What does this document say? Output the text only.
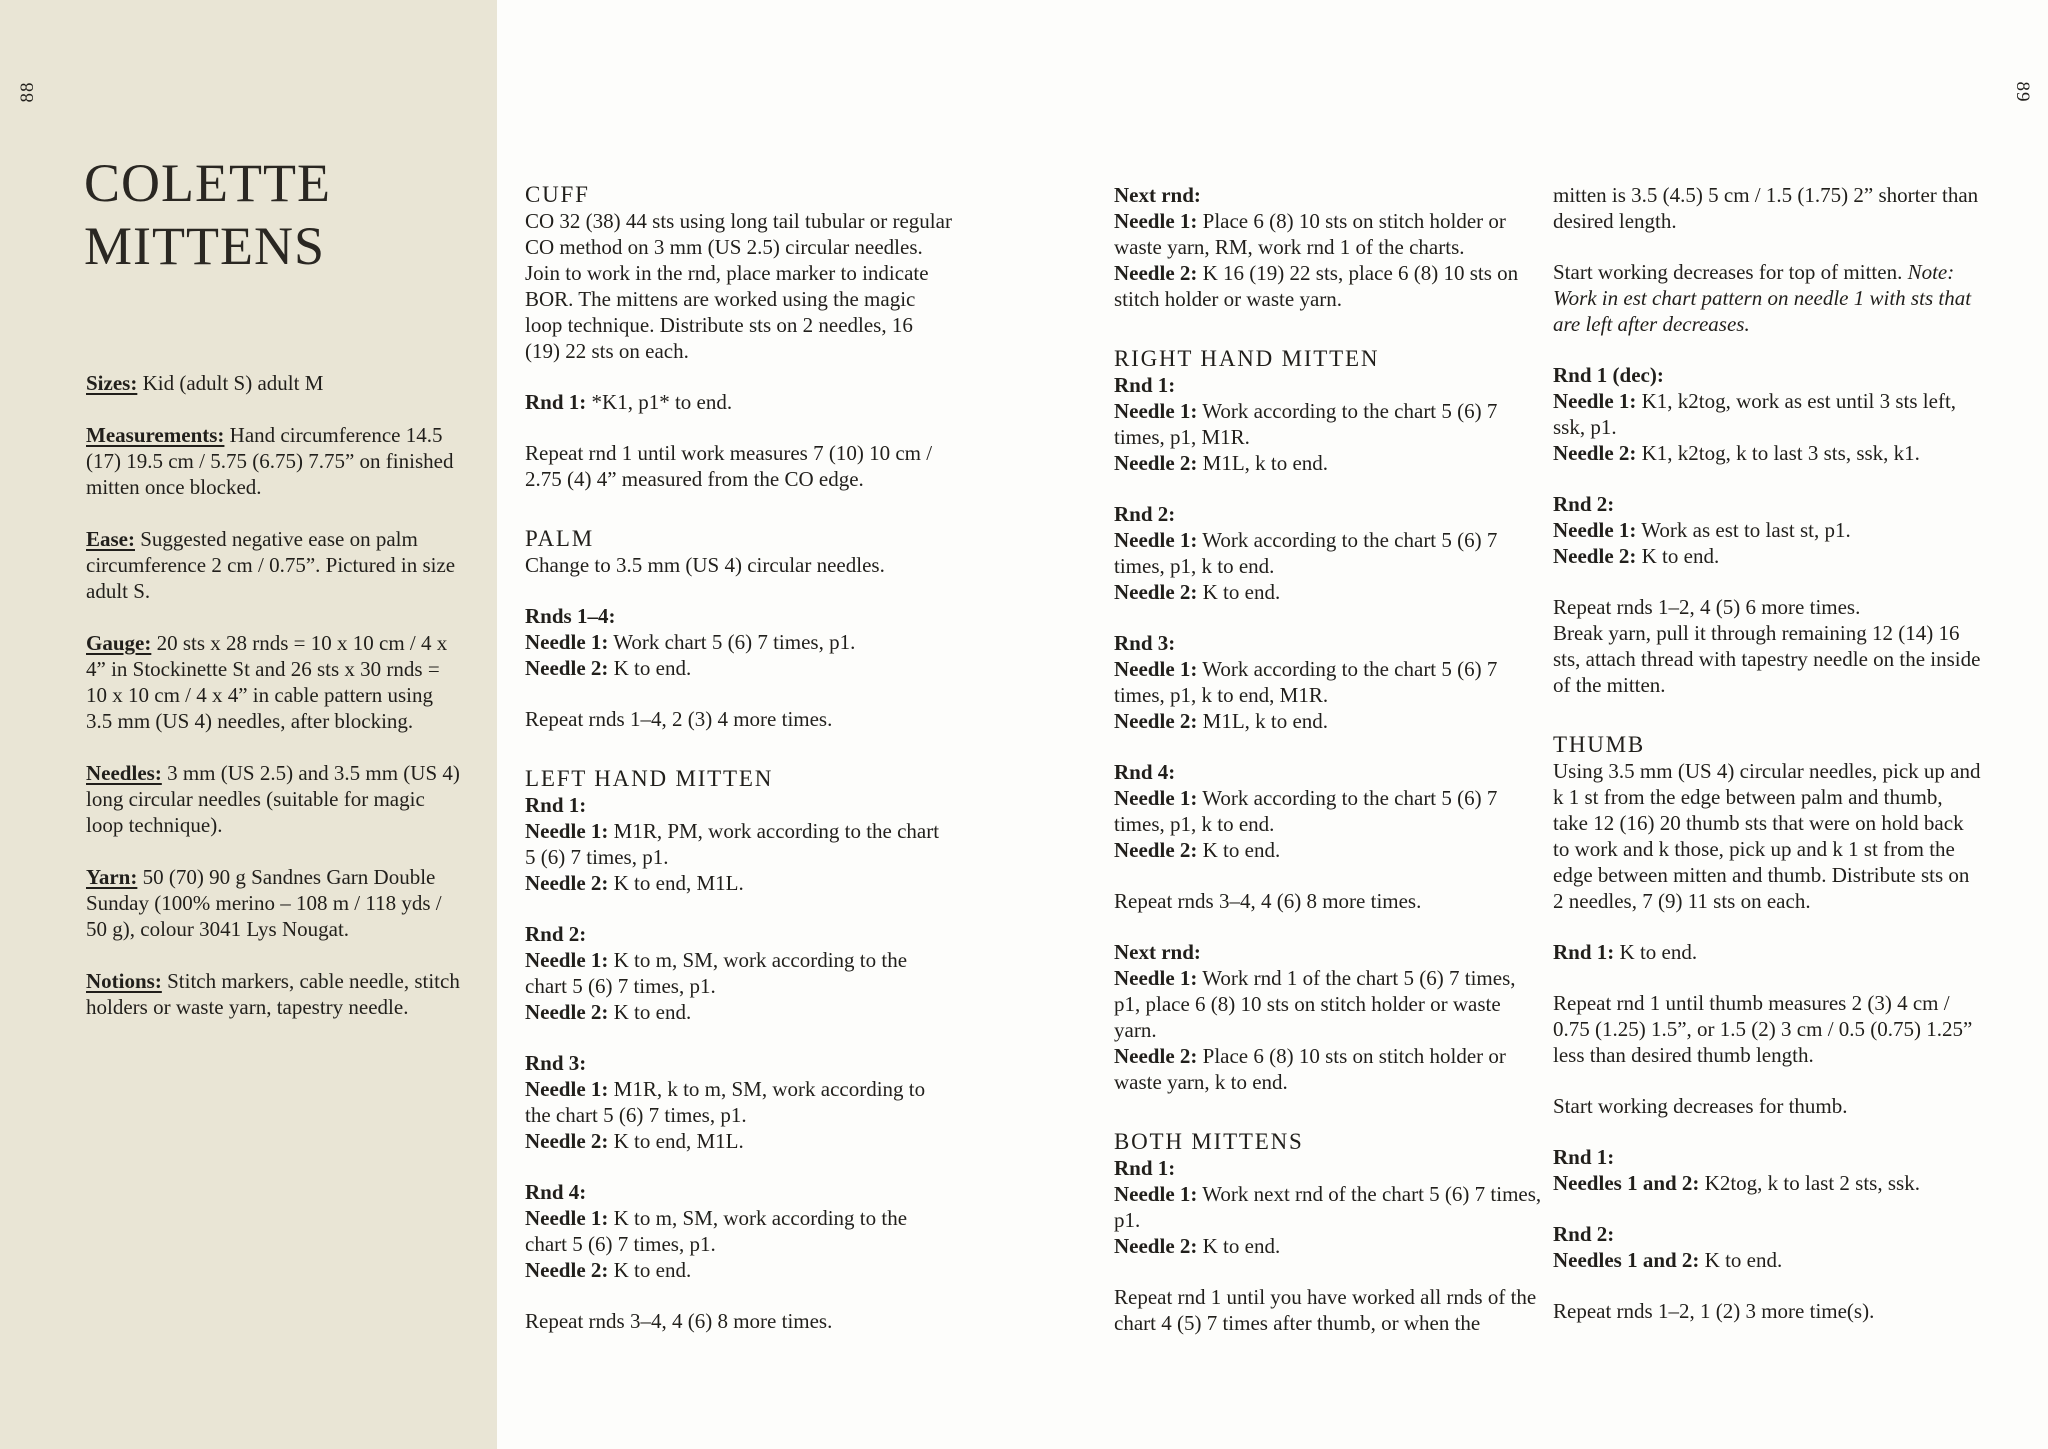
COLETTE
MITTENS

Sizes: Kid (adult S) adult M

Measurements: Hand circumference 14.5 (17) 19.5 cm / 5.75 (6.75) 7.75” on finished mitten once blocked.

Ease: Suggested negative ease on palm circumference 2 cm / 0.75”. Pictured in size adult S.

Gauge: 20 sts x 28 rnds = 10 x 10 cm / 4 x 4” in Stockinette St and 26 sts x 30 rnds = 10 x 10 cm / 4 x 4” in cable pattern using 3.5 mm (US 4) needles, after blocking.

Needles: 3 mm (US 2.5) and 3.5 mm (US 4) long circular needles (suitable for magic loop technique).

Yarn: 50 (70) 90 g Sandnes Garn Double Sunday (100% merino – 108 m / 118 yds / 50 g), colour 3041 Lys Nougat.

Notions: Stitch markers, cable needle, stitch holders or waste yarn, tapestry needle.

88	89
CUFF
CO 32 (38) 44 sts using long tail tubular or regular CO method on 3 mm (US 2.5) circular needles. Join to work in the rnd, place marker to indicate BOR. The mittens are worked using the magic loop technique. Distribute sts on 2 needles, 16 (19) 22 sts on each.
Rnd 1: *K1, p1* to end.
Repeat rnd 1 until work measures 7 (10) 10 cm / 2.75 (4) 4” measured from the CO edge.
PALM
Change to 3.5 mm (US 4) circular needles.
Rnds 1–4:
Needle 1: Work chart 5 (6) 7 times, p1.
Needle 2: K to end.
Repeat rnds 1–4, 2 (3) 4 more times.
LEFT HAND MITTEN
Rnd 1:
Needle 1: M1R, PM, work according to the chart 5 (6) 7 times, p1.
Needle 2: K to end, M1L.
Rnd 2:
Needle 1: K to m, SM, work according to the chart 5 (6) 7 times, p1.
Needle 2: K to end.
Rnd 3:
Needle 1: M1R, k to m, SM, work according to the chart 5 (6) 7 times, p1.
Needle 2: K to end, M1L.
Rnd 4:
Needle 1: K to m, SM, work according to the chart 5 (6) 7 times, p1.
Needle 2: K to end.
Repeat rnds 3–4, 4 (6) 8 more times.
Next rnd:
Needle 1: Place 6 (8) 10 sts on stitch holder or waste yarn, RM, work rnd 1 of the charts.
Needle 2: K 16 (19) 22 sts, place 6 (8) 10 sts on stitch holder or waste yarn.
RIGHT HAND MITTEN
Rnd 1:
Needle 1: Work according to the chart 5 (6) 7 times, p1, M1R.
Needle 2: M1L, k to end.
Rnd 2:
Needle 1: Work according to the chart 5 (6) 7 times, p1, k to end.
Needle 2: K to end.
Rnd 3:
Needle 1: Work according to the chart 5 (6) 7 times, p1, k to end, M1R.
Needle 2: M1L, k to end.
Rnd 4:
Needle 1: Work according to the chart 5 (6) 7 times, p1, k to end.
Needle 2: K to end.
Repeat rnds 3–4, 4 (6) 8 more times.
Next rnd:
Needle 1: Work rnd 1 of the chart 5 (6) 7 times, p1, place 6 (8) 10 sts on stitch holder or waste yarn.
Needle 2: Place 6 (8) 10 sts on stitch holder or waste yarn, k to end.
BOTH MITTENS
Rnd 1:
Needle 1: Work next rnd of the chart 5 (6) 7 times, p1.
Needle 2: K to end.
Repeat rnd 1 until you have worked all rnds of the chart 4 (5) 7 times after thumb, or when the
mitten is 3.5 (4.5) 5 cm / 1.5 (1.75) 2” shorter than desired length.
Start working decreases for top of mitten. Note: Work in est chart pattern on needle 1 with sts that are left after decreases.
Rnd 1 (dec):
Needle 1: K1, k2tog, work as est until 3 sts left, ssk, p1.
Needle 2: K1, k2tog, k to last 3 sts, ssk, k1.
Rnd 2:
Needle 1: Work as est to last st, p1.
Needle 2: K to end.
Repeat rnds 1–2, 4 (5) 6 more times.
Break yarn, pull it through remaining 12 (14) 16 sts, attach thread with tapestry needle on the inside of the mitten.
THUMB
Using 3.5 mm (US 4) circular needles, pick up and k 1 st from the edge between palm and thumb, take 12 (16) 20 thumb sts that were on hold back to work and k those, pick up and k 1 st from the edge between mitten and thumb. Distribute sts on 2 needles, 7 (9) 11 sts on each.
Rnd 1: K to end.
Repeat rnd 1 until thumb measures 2 (3) 4 cm / 0.75 (1.25) 1.5”, or 1.5 (2) 3 cm / 0.5 (0.75) 1.25” less than desired thumb length.
Start working decreases for thumb.
Rnd 1:
Needles 1 and 2: K2tog, k to last 2 sts, ssk.
Rnd 2:
Needles 1 and 2: K to end.
Repeat rnds 1–2, 1 (2) 3 more time(s).
